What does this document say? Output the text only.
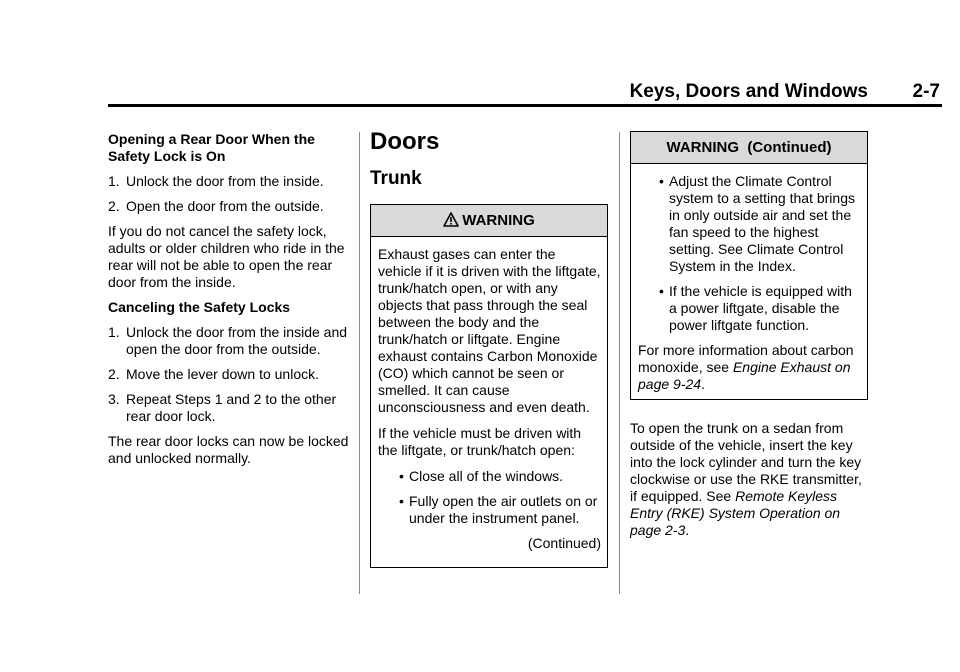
Keys, Doors and Windows 2-7

Opening a Rear Door When the Safety Lock is On

1. Unlock the door from the inside.

2. Open the door from the outside.

If you do not cancel the safety lock, adults or older children who ride in the rear will not be able to open the rear door from the inside.

Canceling the Safety Locks

1. Unlock the door from the inside and open the door from the outside.

2. Move the lever down to unlock.

3. Repeat Steps 1 and 2 to the other rear door lock.

The rear door locks can now be locked and unlocked normally.

Doors
Trunk
WARNING

Exhaust gases can enter the vehicle if it is driven with the liftgate, trunk/hatch open, or with any objects that pass through the seal between the body and the trunk/hatch or liftgate. Engine exhaust contains Carbon Monoxide (CO) which cannot be seen or smelled. It can cause unconsciousness and even death.

If the vehicle must be driven with the liftgate, or trunk/hatch open:

• Close all of the windows.
• Fully open the air outlets on or under the instrument panel.

(Continued)

WARNING  (Continued)
• Adjust the Climate Control system to a setting that brings in only outside air and set the fan speed to the highest setting. See Climate Control System in the Index.
• If the vehicle is equipped with a power liftgate, disable the power liftgate function.

For more information about carbon monoxide, see Engine Exhaust on page 9-24.

To open the trunk on a sedan from outside of the vehicle, insert the key into the lock cylinder and turn the key clockwise or use the RKE transmitter, if equipped. See Remote Keyless Entry (RKE) System Operation on page 2-3.
